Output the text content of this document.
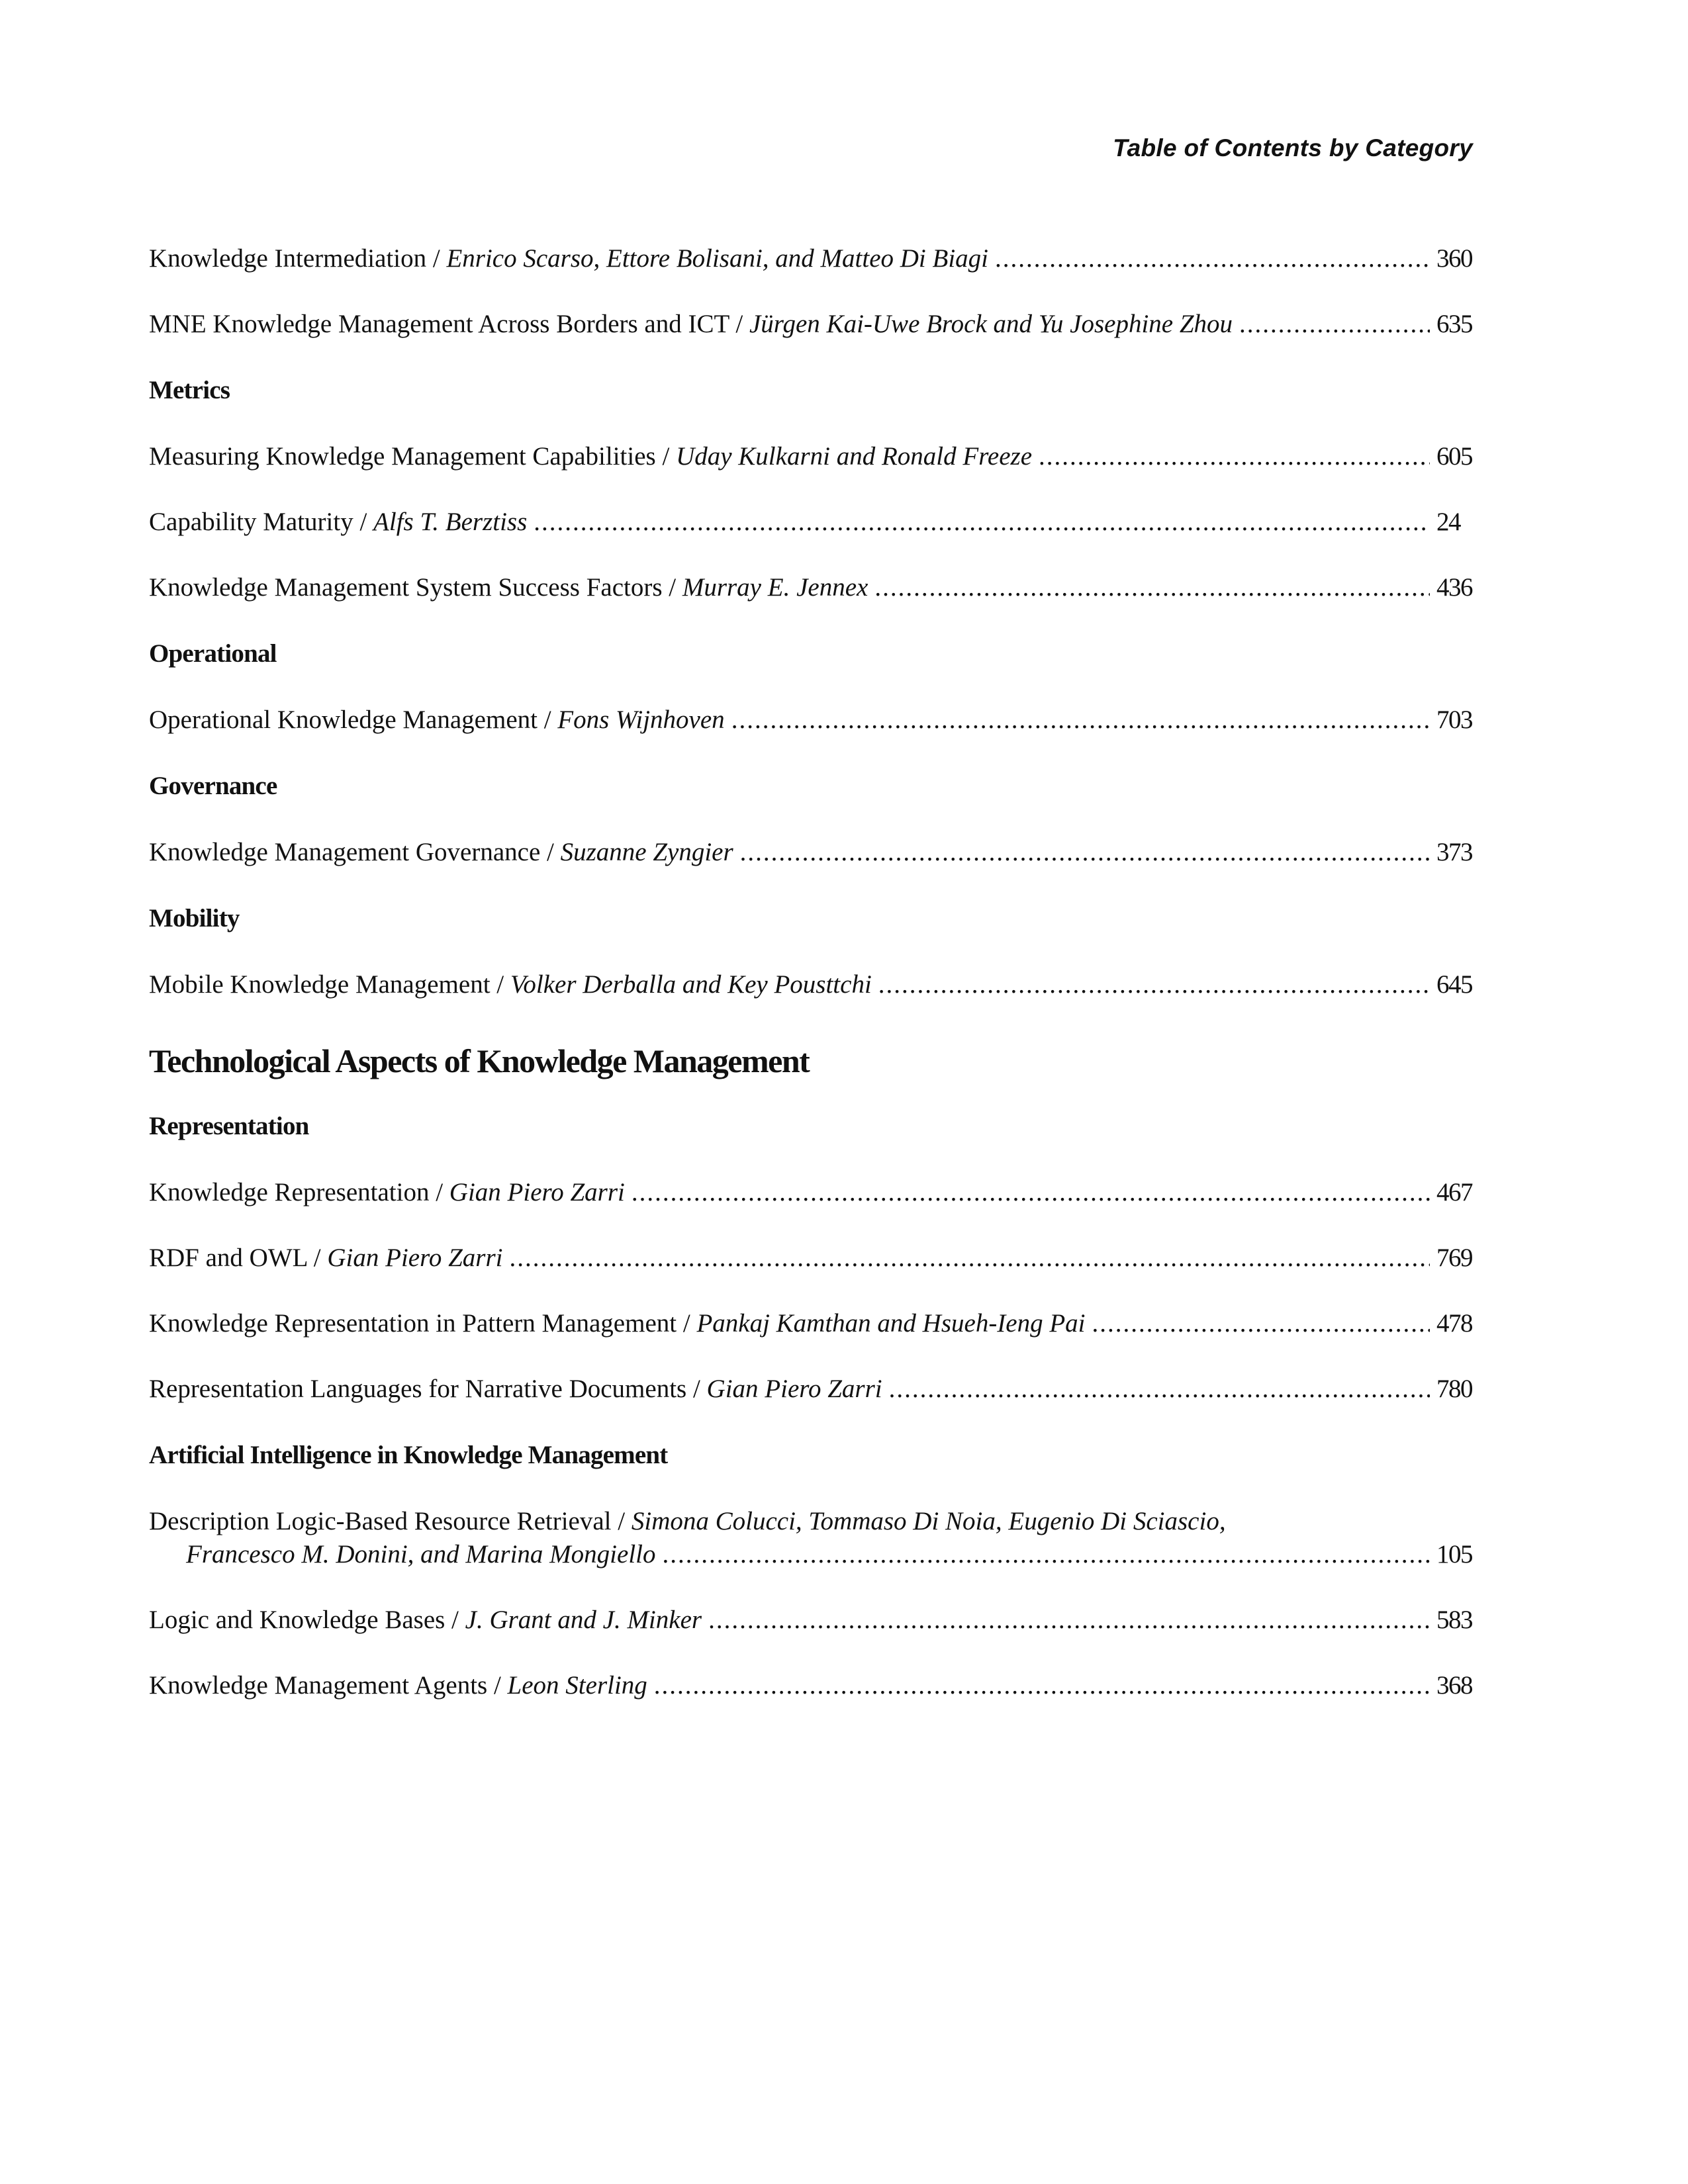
Table of Contents by Category
Knowledge Intermediation / Enrico Scarso, Ettore Bolisani, and Matteo Di Biagi .....	360
MNE Knowledge Management Across Borders and ICT / Jürgen Kai-Uwe Brock and Yu Josephine Zhou .....	635
Metrics
Measuring Knowledge Management Capabilities / Uday Kulkarni and Ronald Freeze .....	605
Capability Maturity / Alfs T. Berztiss .....	24
Knowledge Management System Success Factors / Murray E. Jennex .....	436
Operational
Operational Knowledge Management / Fons Wijnhoven .....	703
Governance
Knowledge Management Governance / Suzanne Zyngier .....	373
Mobility
Mobile Knowledge Management / Volker Derballa and Key Pousttchi .....	645
Technological Aspects of Knowledge Management
Representation
Knowledge Representation / Gian Piero Zarri .....	467
RDF and OWL / Gian Piero Zarri .....	769
Knowledge Representation in Pattern Management / Pankaj Kamthan and Hsueh-Ieng Pai .....	478
Representation Languages for Narrative Documents / Gian Piero Zarri .....	780
Artificial Intelligence in Knowledge Management
Description Logic-Based Resource Retrieval / Simona Colucci, Tommaso Di Noia, Eugenio Di Sciascio,
Francesco M. Donini, and Marina Mongiello .....	105
Logic and Knowledge Bases / J. Grant and J. Minker .....	583
Knowledge Management Agents / Leon Sterling .....	368
